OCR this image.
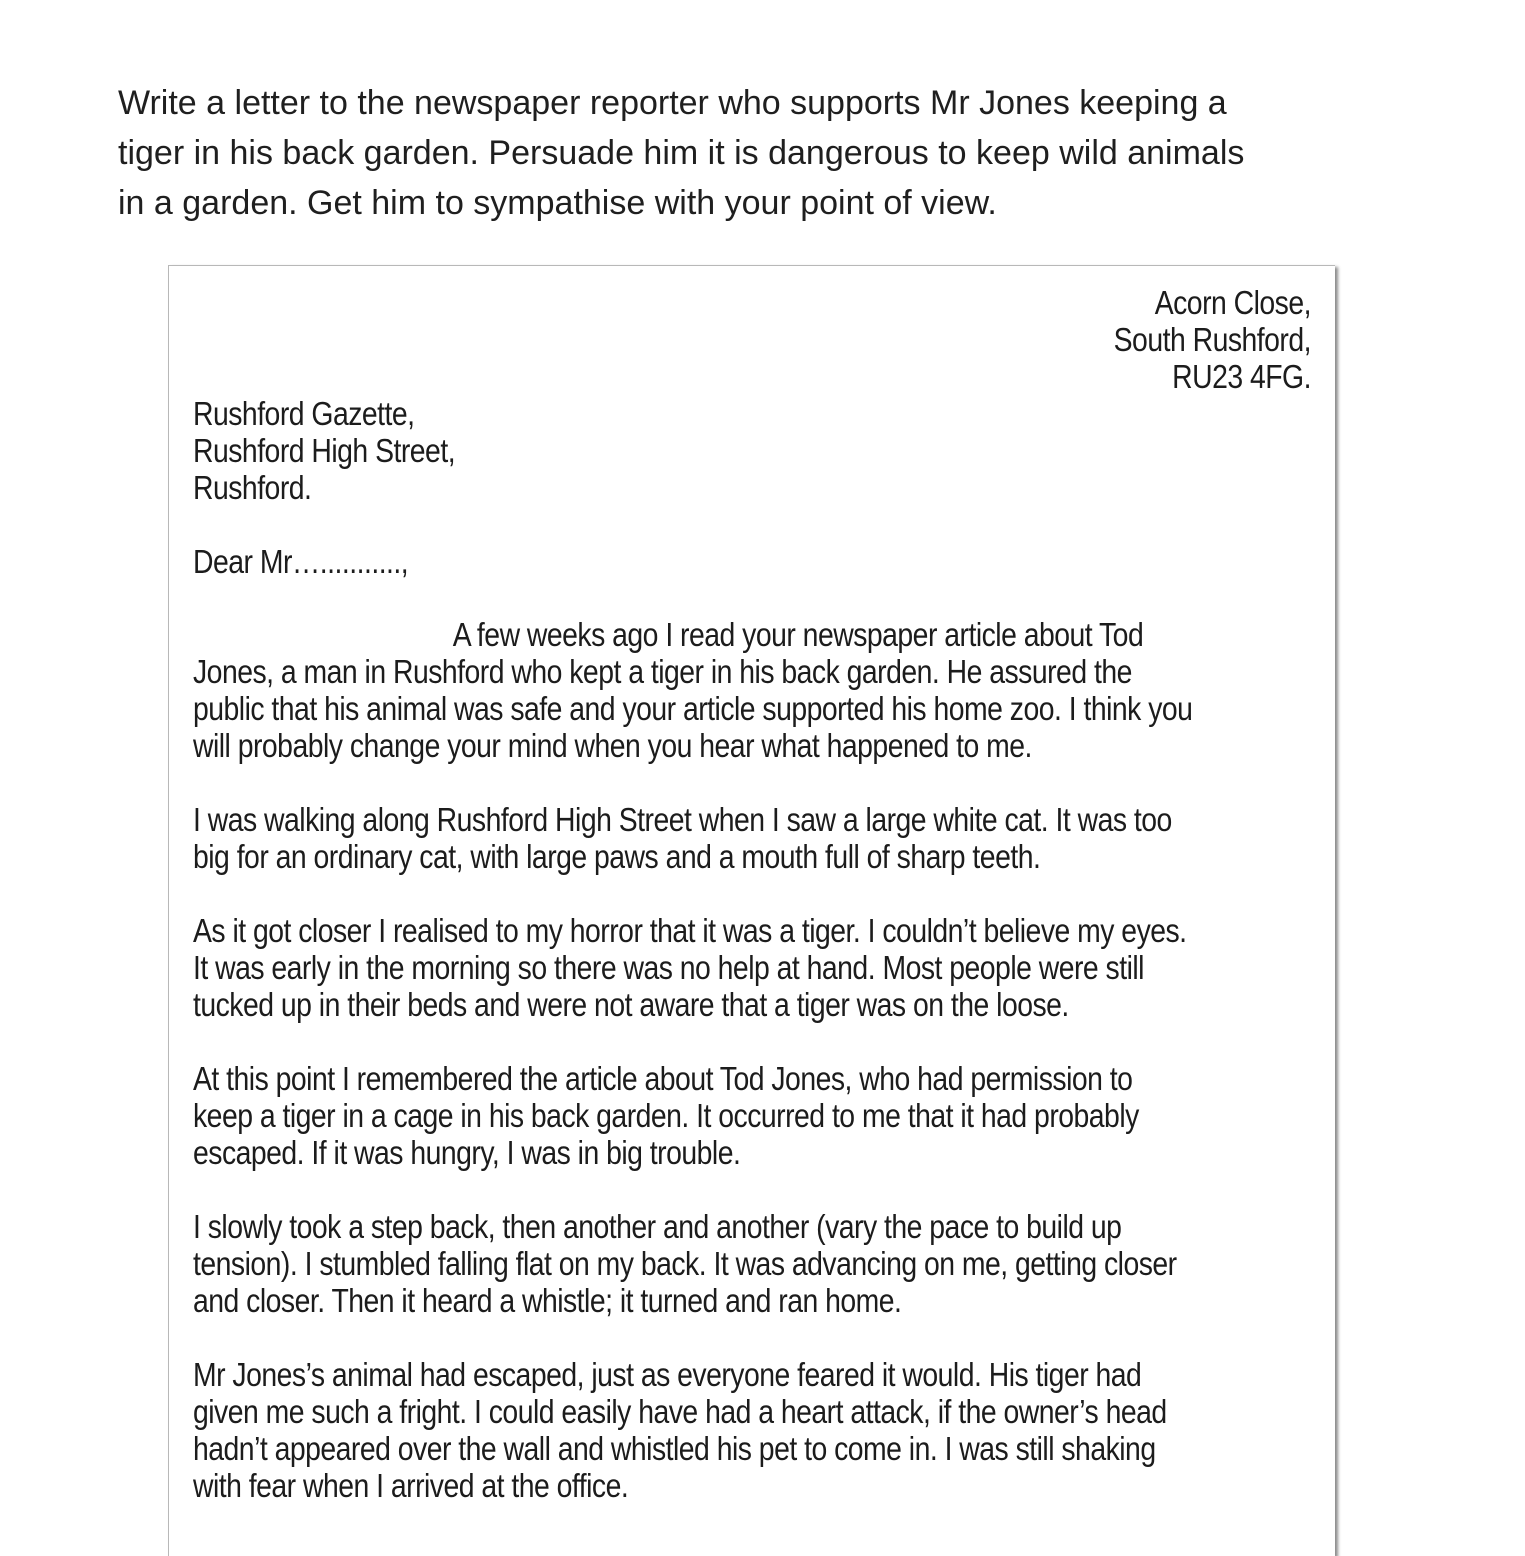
Write a letter to the newspaper reporter who supports Mr Jones keeping a

tiger in his back garden. Persuade him it is dangerous to keep wild animals

in a garden. Get him to sympathise with your point of view.

Acorn Close,
South Rushford,
RU23 4FG.
Rushford Gazette,
Rushford High Street,
Rushford.
Dear Mr…...........,
A few weeks ago I read your newspaper article about Tod
Jones, a man in Rushford who kept a tiger in his back garden. He assured the
public that his animal was safe and your article supported his home zoo. I think you
will probably change your mind when you hear what happened to me.
I was walking along Rushford High Street when I saw a large white cat. It was too
big for an ordinary cat, with large paws and a mouth full of sharp teeth.
As it got closer I realised to my horror that it was a tiger. I couldn’t believe my eyes.
It was early in the morning so there was no help at hand. Most people were still
tucked up in their beds and were not aware that a tiger was on the loose.
At this point I remembered the article about Tod Jones, who had permission to
keep a tiger in a cage in his back garden. It occurred to me that it had probably
escaped. If it was hungry, I was in big trouble.
I slowly took a step back, then another and another (vary the pace to build up
tension). I stumbled falling flat on my back. It was advancing on me, getting closer
and closer. Then it heard a whistle; it turned and ran home.
Mr Jones’s animal had escaped, just as everyone feared it would. His tiger had
given me such a fright. I could easily have had a heart attack, if the owner’s head
hadn’t appeared over the wall and whistled his pet to come in. I was still shaking
with fear when I arrived at the office.
